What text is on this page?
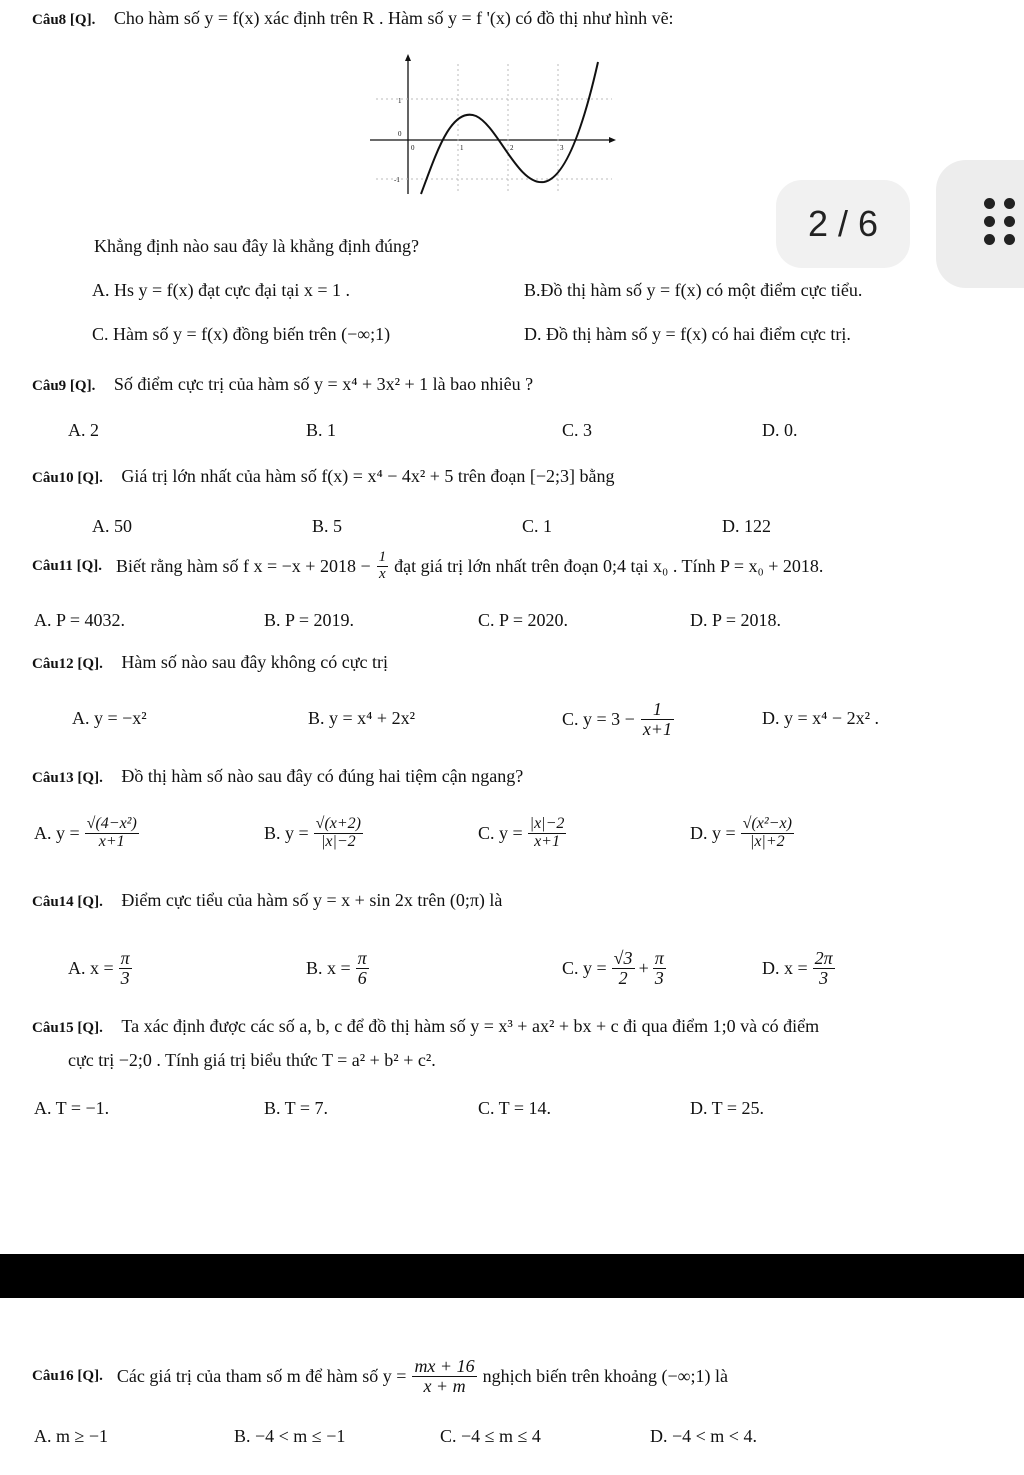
Câu8 [Q]. Cho hàm số y = f(x) xác định trên R . Hàm số y = f '(x) có đồ thị như hình vẽ:
1
0
-1
0	1	2	3
Khẳng định nào sau đây là khẳng định đúng?
A. Hs y = f(x) đạt cực đại tại x = 1 .	B.Đồ thị hàm số y = f(x) có một điểm cực tiểu.
C. Hàm số y = f(x) đồng biến trên (−∞;1)	D. Đồ thị hàm số y = f(x) có hai điểm cực trị.
2 / 6
Câu9 [Q]. Số điểm cực trị của hàm số y = x⁴ + 3x² + 1 là bao nhiêu ?
A. 2	B. 1	C. 3	D. 0.
Câu10 [Q]. Giá trị lớn nhất của hàm số f(x) = x⁴ − 4x² + 5 trên đoạn [−2;3] bằng
A. 50	B. 5	C. 1	D. 122
Câu11 [Q]. Biết rằng hàm số f $x = -x + 2018 - \frac{1}{x}$ đạt giá trị lớn nhất trên đoạn 0;4 tại x₀ . Tính P = x₀ + 2018.
A. P = 4032.	B. P = 2019.	C. P = 2020.	D. P = 2018.
Câu12 [Q]. Hàm số nào sau đây không có cực trị
A. y = −x²	B. y = x⁴ + 2x²	C. $y = 3 - \frac{1}{x+1}$	D. y = x⁴ − 2x² .
Câu13 [Q]. Đồ thị hàm số nào sau đây có đúng hai tiệm cận ngang?
A. $y = \frac{\text{√(4−x²)}}{x+1}$	B. $y = \frac{√(x+2)}{|x|-2}$	C. $y = \frac{|x|-2}{x+1}$	D. $y = \frac{\text{√(x²−x)}}{|x|+2}$
Câu14 [Q]. Điểm cực tiểu của hàm số y = x + sin 2x trên (0;π) là
A. $x = \frac{\pi}{3}$	B. $x = \frac{\pi}{6}$	C. $y = \frac{√3}{2} + \frac{\pi}{3}$	D. $x = \frac{2\pi}{3}$
Câu15 [Q]. Ta xác định được các số a, b, c để đồ thị hàm số y = x³ + ax² + bx + c đi qua điểm 1;0 và có điểm
cực trị −2;0 . Tính giá trị biểu thức T = a² + b² + c².
A. T = −1.	B. T = 7.	C. T = 14.	D. T = 25.
Câu16 [Q]. Các giá trị của tham số m để hàm số $y = \frac{mx + 16}{x + m}$ nghịch biến trên khoảng (−∞;1) là
A. m ≥ −1	B. −4 < m ≤ −1	C. −4 ≤ m ≤ 4	D. −4 < m < 4.
